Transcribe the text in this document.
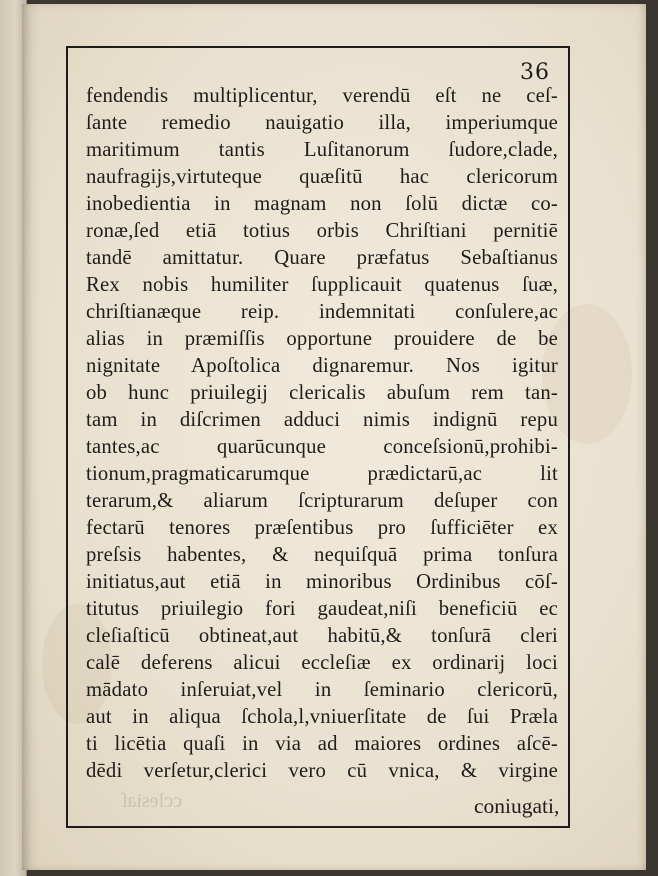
36
fendendis multiplicentur, verendū eſt ne ceſ-
ſante remedio nauigatio illa, imperiumque
maritimum tantis Luſitanorum ſudore,clade,
naufragijs,virtuteque quæſitū hac clericorum
inobedientia in magnam non ſolū dictæ co-
ronæ,ſed etiā totius orbis Chriſtiani pernitiē
tandē amittatur. Quare præfatus Sebaſtianus
Rex nobis humiliter ſupplicauit quatenus ſuæ,
chriſtianæque reip. indemnitati conſulere,ac
alias in præmiſſis opportune prouidere de be
nignitate Apoſtolica dignaremur. Nos igitur
ob hunc priuilegij clericalis abuſum rem tan-
tam in diſcrimen adduci nimis indignū repu
tantes,ac quarūcunque conceſsionū,prohibi-
tionum,pragmaticarumque prædictarū,ac lit
terarum,& aliarum ſcripturarum deſuper con
fectarū tenores præſentibus pro ſufficiēter ex
preſsis habentes, & nequiſquā prima tonſura
initiatus,aut etiā in minoribus Ordinibus cōſ-
titutus priuilegio fori gaudeat,niſi beneficiū ec
cleſiaſticū obtineat,aut habitū,& tonſurā cleri
calē deferens alicui eccleſiæ ex ordinarij loci
mādato inſeruiat,vel in ſeminario clericorū,
aut in aliqua ſchola,l,vniuerſitate de ſui Præla
ti licētia quaſi in via ad maiores ordines aſcē-
dēdi verſetur,clerici vero cū vnica, & virgine
cclesiaſ	coniugati,
